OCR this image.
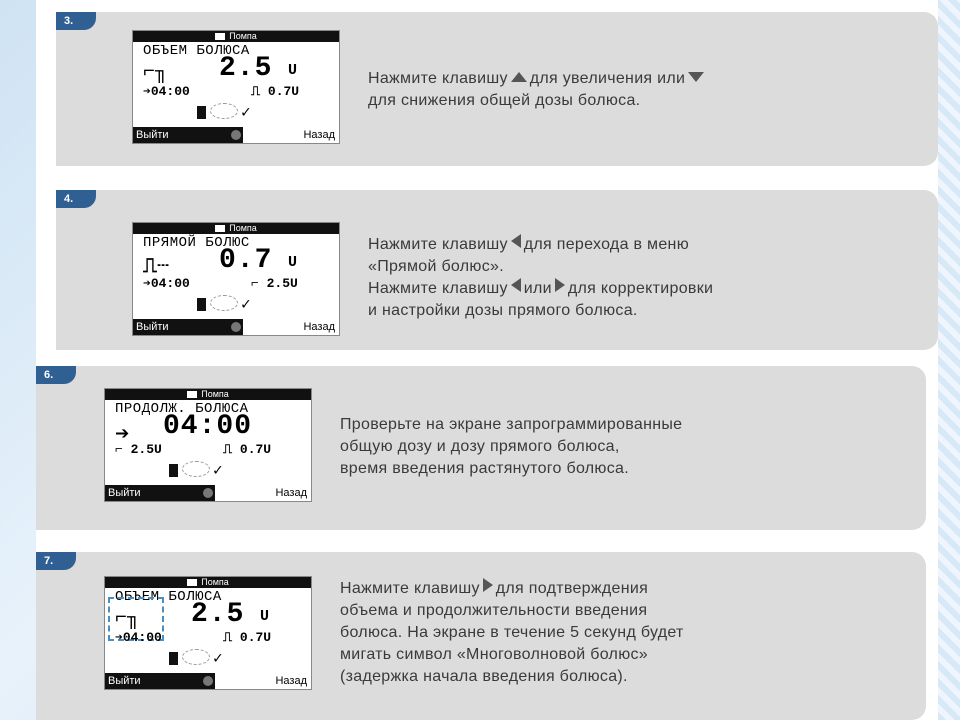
3.
Помпа
ОБЪЕМ БОЛЮСА
⌐╖ 2.5 U
➔04:00	⎍ 0.7U
✓
Выйти	Назад
Нажмите клавишу для увеличения или
для снижения общей дозы болюса.
4.
Помпа
ПРЯМОЙ БОЛЮС
⎍┄ 0.7 U
➔04:00	⌐ 2.5U
✓
Выйти	Назад
Нажмите клавишу для перехода в меню
«Прямой болюс».
Нажмите клавишу или для корректировки
и настройки дозы прямого болюса.
6.
Помпа
ПРОДОЛЖ. БОЛЮСА
➔ 04:00
⌐ 2.5U	⎍ 0.7U
✓
Выйти	Назад
Проверьте на экране запрограммированные
общую дозу и дозу прямого болюса,
время введения растянутого болюса.
7.
Помпа
ОБЪЕМ БОЛЮСА
⌐╖ 2.5 U
➔04:00	⎍ 0.7U
✓
Выйти	Назад
Нажмите клавишу для подтверждения
объема и продолжительности введения
болюса. На экране в течение 5 секунд будет
мигать символ «Многоволновой болюс»
(задержка начала введения болюса).
